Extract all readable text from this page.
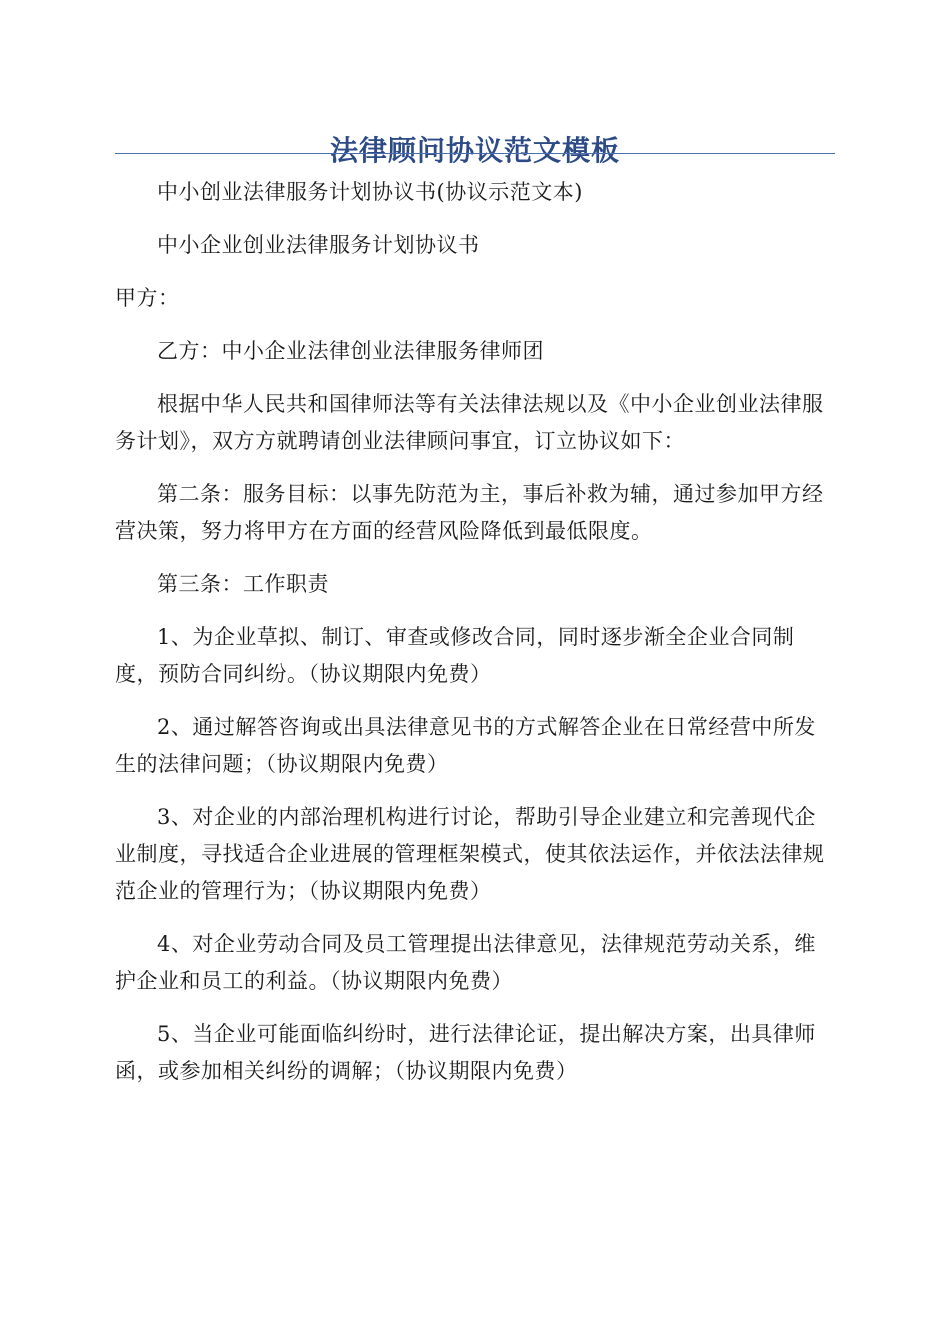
法律顾问协议范文模板

中小创业法律服务计划协议书(协议示范文本)

中小企业创业法律服务计划协议书

甲方：

乙方：中小企业法律创业法律服务律师团

根据中华人民共和国律师法等有关法律法规以及《中小企业创业法律服务计划》，双方方就聘请创业法律顾问事宜，订立协议如下：

第二条：服务目标：以事先防范为主，事后补救为辅，通过参加甲方经营决策，努力将甲方在方面的经营风险降低到最低限度。

第三条：工作职责

1、为企业草拟、制订、审查或修改合同，同时逐步渐全企业合同制度，预防合同纠纷。（协议期限内免费）

2、通过解答咨询或出具法律意见书的方式解答企业在日常经营中所发生的法律问题；（协议期限内免费）

3、对企业的内部治理机构进行讨论，帮助引导企业建立和完善现代企业制度，寻找适合企业进展的管理框架模式，使其依法运作，并依法法律规范企业的管理行为；（协议期限内免费）

4、对企业劳动合同及员工管理提出法律意见，法律规范劳动关系，维护企业和员工的利益。（协议期限内免费）

5、当企业可能面临纠纷时，进行法律论证，提出解决方案，出具律师函，或参加相关纠纷的调解；（协议期限内免费）
